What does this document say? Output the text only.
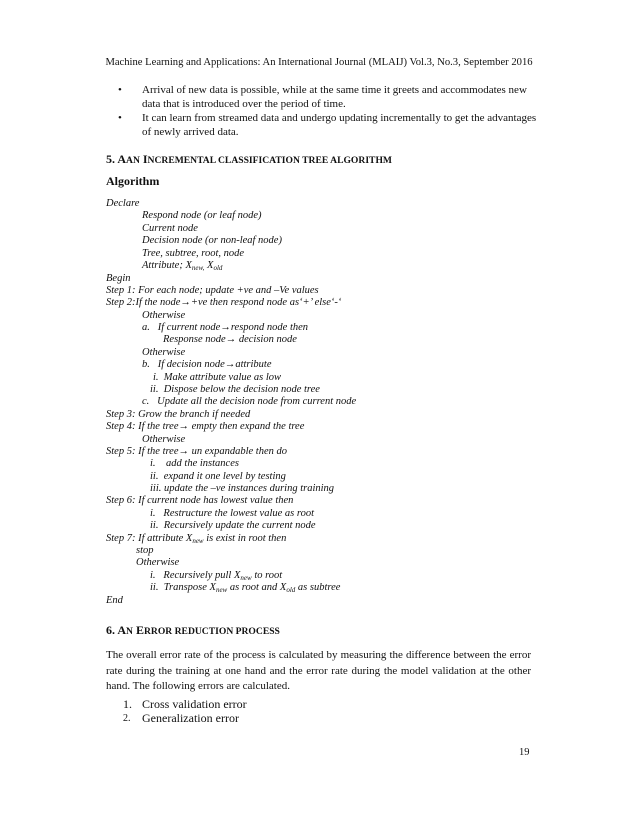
Machine Learning and Applications: An International Journal (MLAIJ) Vol.3, No.3, September 2016
• Arrival of new data is possible, while at the same time it greets and accommodates new
data that is introduced over the period of time.
• It can learn from streamed data and undergo updating incrementally to get the advantages
of newly arrived data.
5. AAN INCREMENTAL CLASSIFICATION TREE ALGORITHM
Algorithm
Declare
Respond node (or leaf node)
Current node
Decision node (or non-leaf node)
Tree, subtree, root, node
Attribute; $X_{new,}$ $X_{old}$
Begin
Step 1: For each node; update +ve and –Ve values
Step 2:If the node→+ve then respond node as‘+’ else‘-‘
Otherwise
a. If current node→respond node then
Response node→ decision node
Otherwise
b. If decision node→attribute
i. Make attribute value as low
ii. Dispose below the decision node tree
c. Update all the decision node from current node
Step 3: Grow the branch if needed
Step 4: If the tree→ empty then expand the tree
Otherwise
Step 5: If the tree→ un expandable then do
i.    add the instances
ii. expand it one level by testing
iii. update the –ve instances during training
Step 6: If current node has lowest value then
i. Restructure the lowest value as root
ii. Recursively update the current node
Step 7: If attribute $X_{new}$ is exist in root then
stop
Otherwise
i. Recursively pull $X_{new}$ to root
ii. Transpose $X_{new}$ as root and $X_{old}$ as subtree
End
6. AN ERROR REDUCTION PROCESS
The overall error rate of the process is calculated by measuring the difference between the error rate during the training at one hand and the error rate during the model validation at the other hand. The following errors are calculated.
1. Cross validation error
2. Generalization error
19
